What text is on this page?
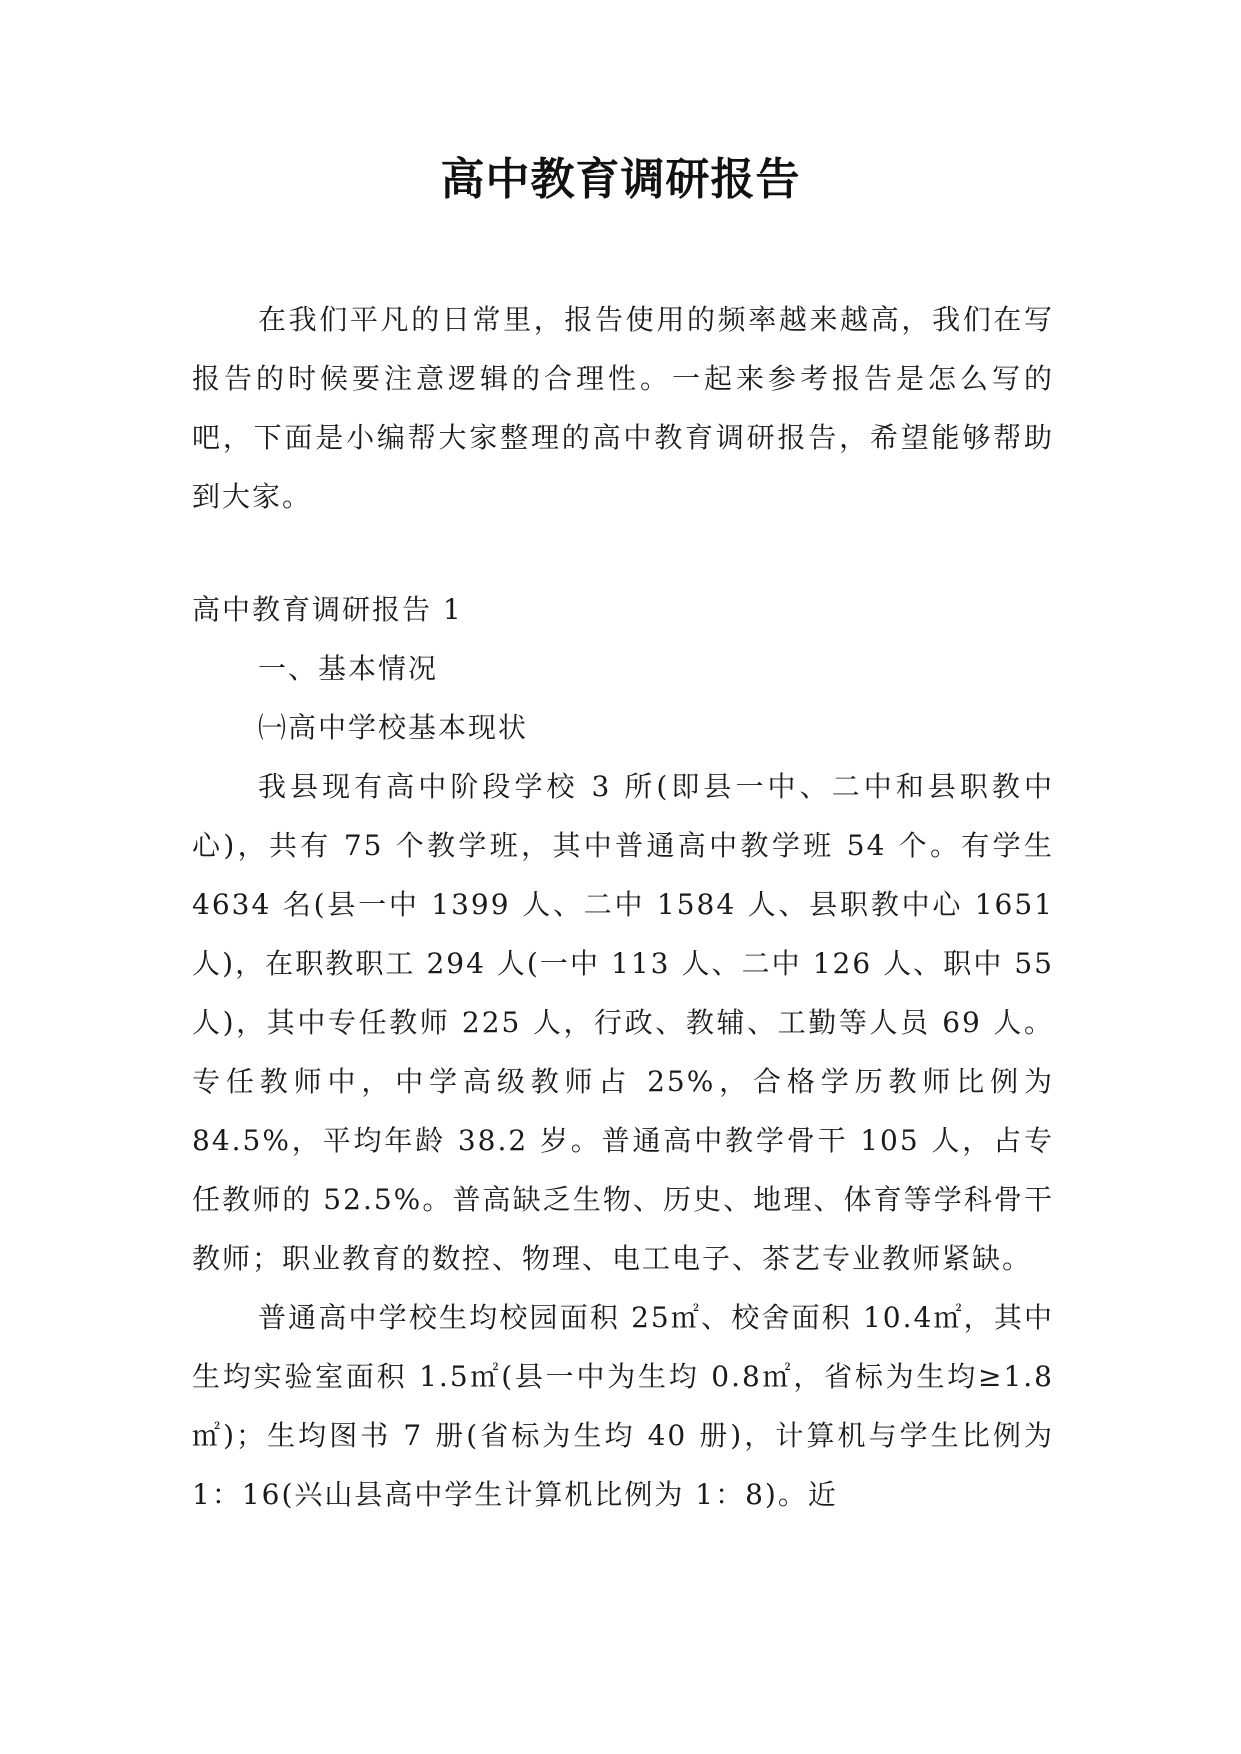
高中教育调研报告

在我们平凡的日常里，报告使用的频率越来越高，我们在写报告的时候要注意逻辑的合理性。一起来参考报告是怎么写的吧，下面是小编帮大家整理的高中教育调研报告，希望能够帮助到大家。

高中教育调研报告 1

一、基本情况

㈠高中学校基本现状

我县现有高中阶段学校 3 所(即县一中、二中和县职教中心)，共有 75 个教学班，其中普通高中教学班 54 个。有学生 4634 名(县一中 1399 人、二中 1584 人、县职教中心 1651 人)，在职教职工 294 人(一中 113 人、二中 126 人、职中 55 人)，其中专任教师 225 人，行政、教辅、工勤等人员 69 人。专任教师中，中学高级教师占 25%，合格学历教师比例为 84.5%，平均年龄 38.2 岁。普通高中教学骨干 105 人，占专任教师的 52.5%。普高缺乏生物、历史、地理、体育等学科骨干教师；职业教育的数控、物理、电工电子、茶艺专业教师紧缺。

普通高中学校生均校园面积 25㎡、校舍面积 10.4㎡，其中生均实验室面积 1.5㎡(县一中为生均 0.8㎡，省标为生均≥1.8㎡)；生均图书 7 册(省标为生均 40 册)，计算机与学生比例为 1：16(兴山县高中学生计算机比例为 1：8)。近
